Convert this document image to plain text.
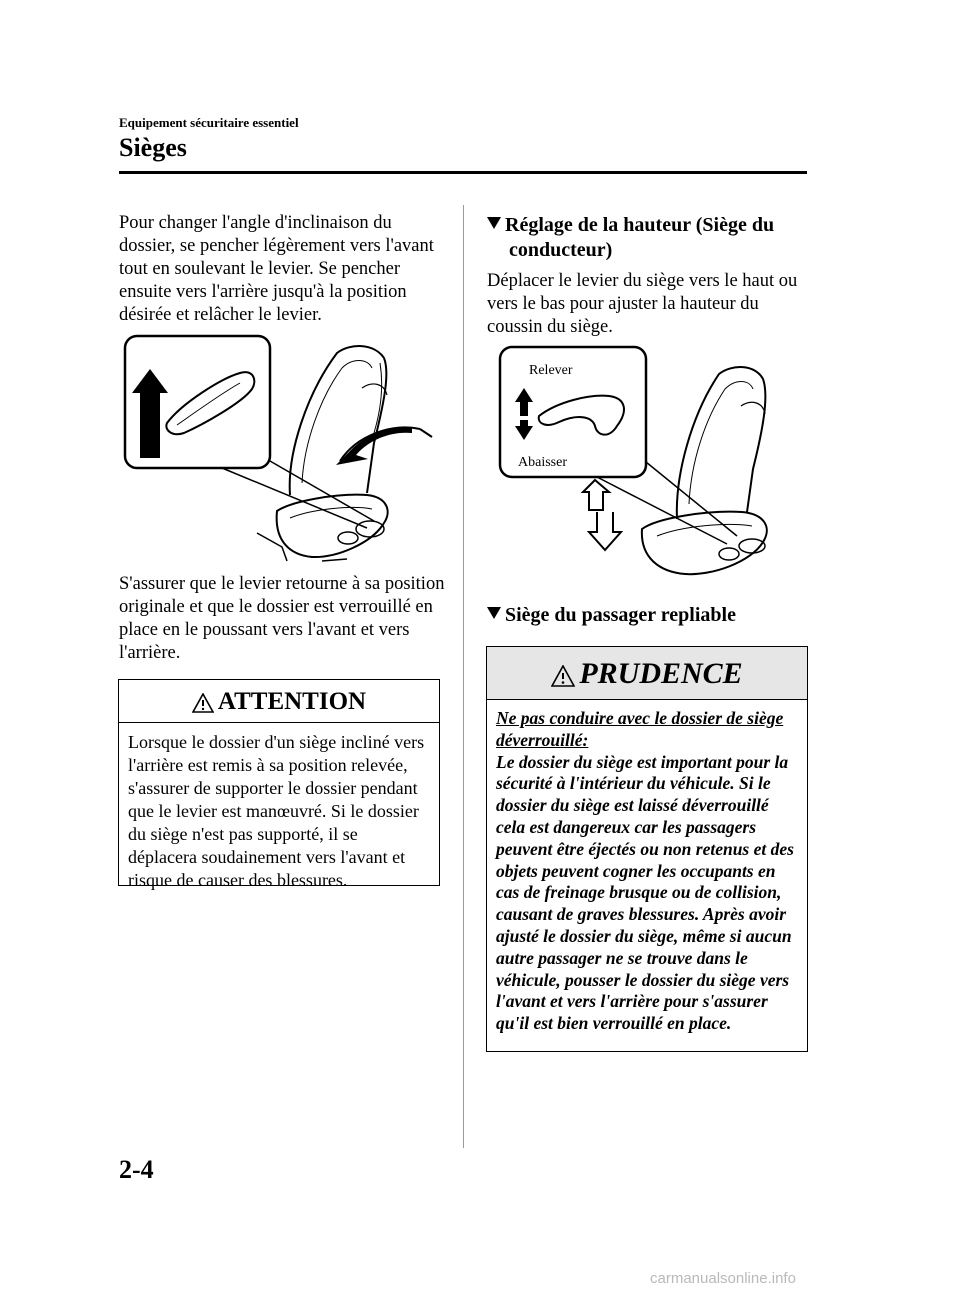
Equipement sécuritaire essentiel
Sièges
Pour changer l'angle d'inclinaison du dossier, se pencher légèrement vers l'avant tout en soulevant le levier. Se pencher ensuite vers l'arrière jusqu'à la position désirée et relâcher le levier.
S'assurer que le levier retourne à sa position originale et que le dossier est verrouillé en place en le poussant vers l'avant et vers l'arrière.
ATTENTION
Lorsque le dossier d'un siège incliné vers l'arrière est remis à sa position relevée, s'assurer de supporter le dossier pendant que le levier est manœuvré. Si le dossier du siège n'est pas supporté, il se déplacera soudainement vers l'avant et risque de causer des blessures.
Réglage de la hauteur (Siège du
conducteur)
Déplacer le levier du siège vers le haut ou vers le bas pour ajuster la hauteur du coussin du siège.
Relever
Abaisser
Siège du passager repliable
PRUDENCE
Ne pas conduire avec le dossier de siège déverrouillé:
Le dossier du siège est important pour la sécurité à l'intérieur du véhicule. Si le dossier du siège est laissé déverrouillé cela est dangereux car les passagers peuvent être éjectés ou non retenus et des objets peuvent cogner les occupants en cas de freinage brusque ou de collision, causant de graves blessures. Après avoir ajusté le dossier du siège, même si aucun autre passager ne se trouve dans le véhicule, pousser le dossier du siège vers l'avant et vers l'arrière pour s'assurer qu'il est bien verrouillé en place.
2-4
carmanualsonline.info
